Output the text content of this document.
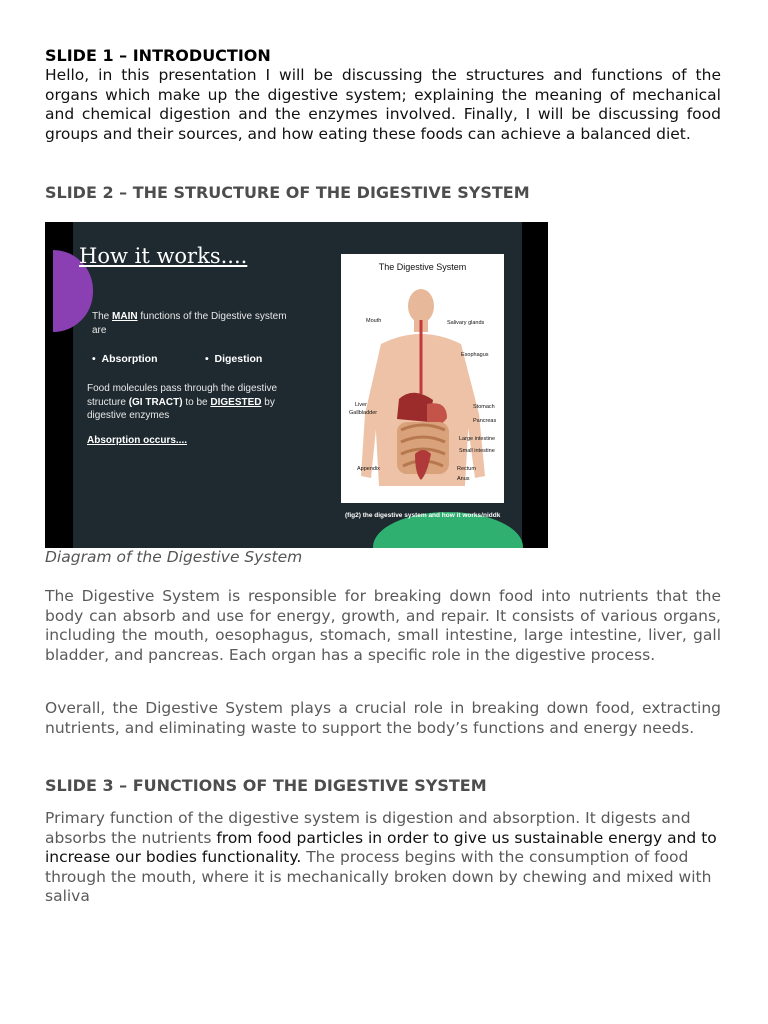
SLIDE 1 – INTRODUCTION

Hello, in this presentation I will be discussing the structures and functions of the organs which make up the digestive system; explaining the meaning of mechanical and chemical digestion and the enzymes involved. Finally, I will be discussing food groups and their sources, and how eating these foods can achieve a balanced diet.

SLIDE 2 – THE STRUCTURE OF THE DIGESTIVE SYSTEM

How it works....
The MAIN functions of the Digestive system are
•  Absorption	•  Digestion
Food molecules pass through the digestive structure (GI TRACT) to be DIGESTED by digestive enzymes
Absorption occurs....
The Digestive System
Mouth	Salivary glands
Esophagus
Liver
Gallbladder
Stomach
Pancreas
Large intestine
Small intestine
Appendix	Rectum
Anus
(fig2) the digestive system and how it works/niddk

Diagram of the Digestive System

The Digestive System is responsible for breaking down food into nutrients that the body can absorb and use for energy, growth, and repair. It consists of various organs, including the mouth, oesophagus, stomach, small intestine, large intestine, liver, gall bladder, and pancreas. Each organ has a specific role in the digestive process.

Overall, the Digestive System plays a crucial role in breaking down food, extracting nutrients, and eliminating waste to support the body’s functions and energy needs.

SLIDE 3 – FUNCTIONS OF THE DIGESTIVE SYSTEM

Primary function of the digestive system is digestion and absorption. It digests and absorbs the nutrients from food particles in order to give us sustainable energy and to increase our bodies functionality. The process begins with the consumption of food through the mouth, where it is mechanically broken down by chewing and mixed with saliva
